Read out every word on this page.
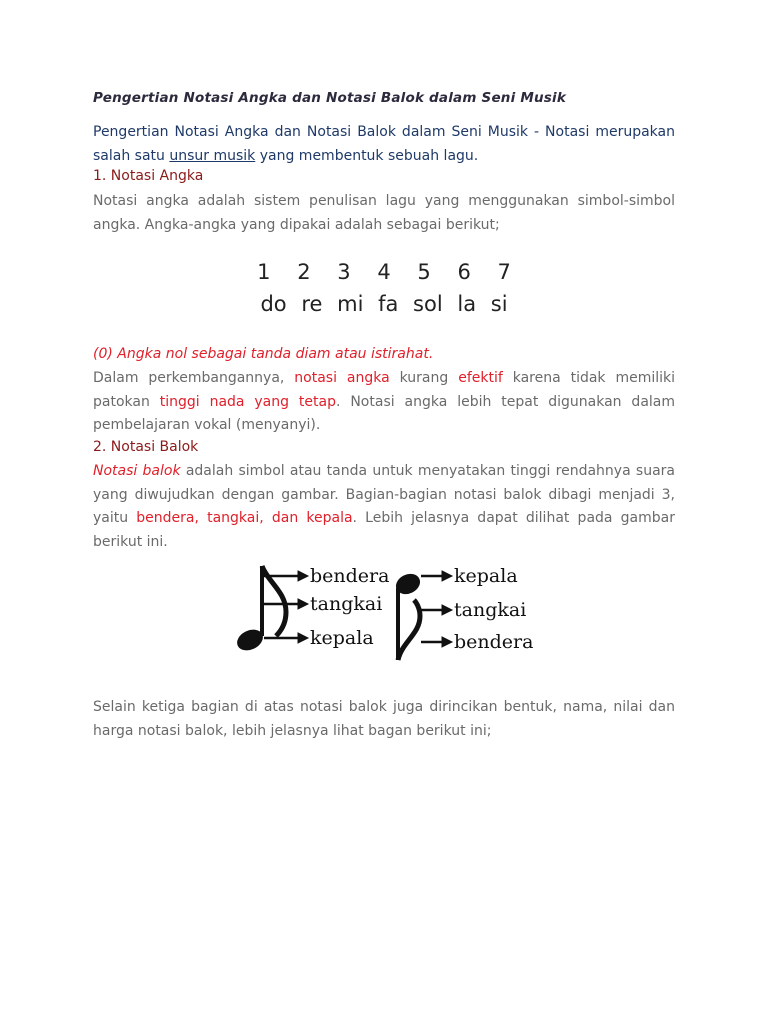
Pengertian Notasi Angka dan Notasi Balok dalam Seni Musik
Pengertian Notasi Angka dan Notasi Balok dalam Seni Musik - Notasi merupakan salah satu unsur musik yang membentuk sebuah lagu.
1. Notasi Angka
Notasi angka adalah sistem penulisan lagu yang menggunakan simbol-simbol angka. Angka-angka yang dipakai adalah sebagai berikut;
1 2 3 4 5 6 7
do re mi fa sol la si
(0) Angka nol sebagai tanda diam atau istirahat.
Dalam perkembangannya, notasi angka kurang efektif karena tidak memiliki patokan tinggi nada yang tetap. Notasi angka lebih tepat digunakan dalam pembelajaran vokal (menyanyi).
2. Notasi Balok
Notasi balok adalah simbol atau tanda untuk menyatakan tinggi rendahnya suara yang diwujudkan dengan gambar. Bagian-bagian notasi balok dibagi menjadi 3, yaitu bendera, tangkai, dan kepala. Lebih jelasnya dapat dilihat pada gambar berikut ini.
bendera
tangkai
kepala
kepala
tangkai
bendera
Selain ketiga bagian di atas notasi balok juga dirincikan bentuk, nama, nilai dan harga notasi balok, lebih jelasnya lihat bagan berikut ini;
